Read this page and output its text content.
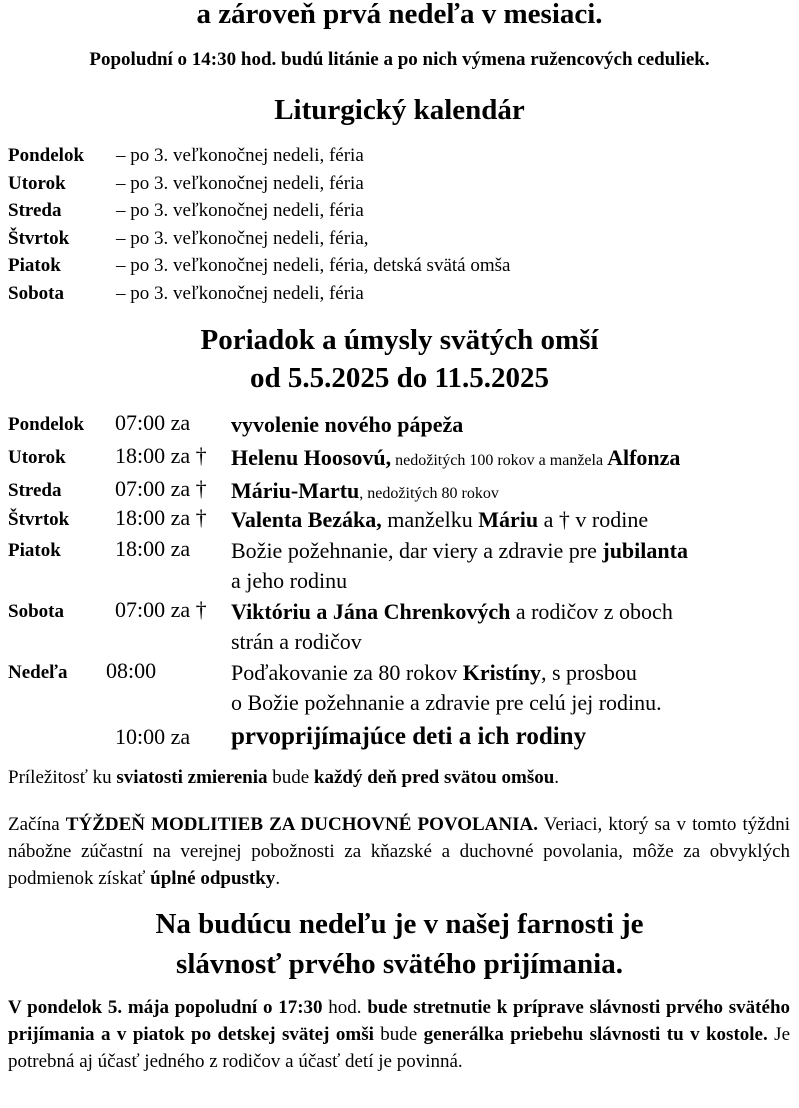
a zároveň prvá nedeľa v mesiaci.
Popoludní o 14:30 hod. budú litánie a po nich výmena ružencových ceduliek.
Liturgický kalendár
Pondelok – po 3. veľkonočnej nedeli, féria
Utorok	– po 3. veľkonočnej nedeli, féria
Streda	– po 3. veľkonočnej nedeli, féria
Štvrtok – po 3. veľkonočnej nedeli, féria,
Piatok	– po 3. veľkonočnej nedeli, féria, detská svätá omša
Sobota	– po 3. veľkonočnej nedeli, féria
Poriadok a úmysly svätých omší
od 5.5.2025 do 11.5.2025
Pondelok 07:00 za vyvolenie nového pápeža
Utorok 18:00 za † Helenu Hoosovú, nedožitých 100 rokov a manžela Alfonza
Streda 07:00 za † Máriu-Martu, nedožitých 80 rokov
Štvrtok 18:00 za † Valenta Bezáka, manželku Máriu a † v rodine
Piatok 18:00 za Božie požehnanie, dar viery a zdravie pre jubilanta
a jeho rodinu
Sobota 07:00 za † Viktóriu a Jána Chrenkových a rodičov z oboch
strán a rodičov
Nedeľa 08:00	Poďakovanie za 80 rokov Kristíny, s prosbou
o Božie požehnanie a zdravie pre celú jej rodinu.
10:00 za prvoprijímajúce deti a ich rodiny
Príležitosť ku sviatosti zmierenia bude každý deň pred svätou omšou.
Začína TÝŽDEŇ MODLITIEB ZA DUCHOVNÉ POVOLANIA. Veriaci, ktorý sa v tomto týždni nábožne zúčastní na verejnej pobožnosti za kňazské a duchovné povolania, môže za obvyklých podmienok získať úplné odpustky.
Na budúcu nedeľu je v našej farnosti je
slávnosť prvého svätého prijímania.
V pondelok 5. mája popoludní o 17:30 hod. bude stretnutie k príprave slávnosti prvého svätého prijímania a v piatok po detskej svätej omši bude generálka priebehu slávnosti tu v kostole. Je potrebná aj účasť jedného z rodičov a účasť detí je povinná.
